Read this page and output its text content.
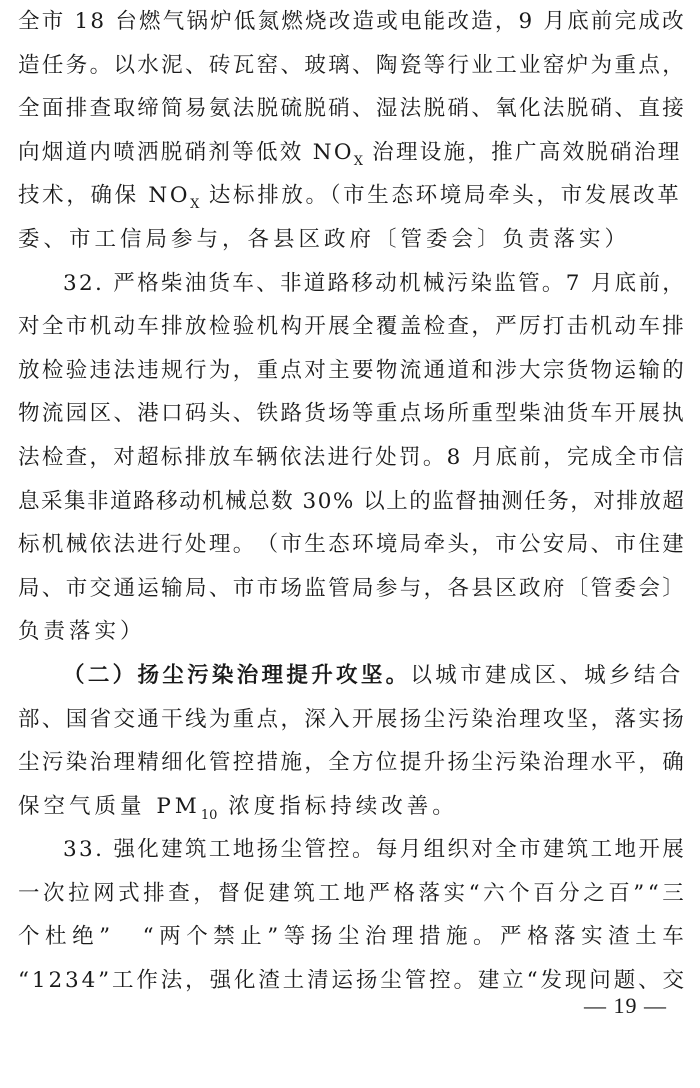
全 市
1 8
台 燃 气 锅 炉 低 氮 燃 烧 改 造 或 电 能 改 造 ， 9
月 底 前 完 成 改
造 任 务 。 以 水 泥 、 砖 瓦 窑 、 玻 璃 、 陶 瓷 等 行 业 工 业 窑 炉 为 重 点 ，
全 面 排 查 取 缔 简 易 氨 法 脱 硫 脱 硝 、 湿 法 脱 硝 、 氧 化 法 脱 硝 、 直 接
向烟道内喷洒脱硝剂等低效 $NO_X$ 治理设施，推广高效脱硝治理
技术，确保 $NO_X$ 达标排放。（市生态环境局牵头，市发展改革
委、市工信局参与，各县区政府〔管委会〕负责落实）
3 2 .
严 格 柴 油 货 车 、 非 道 路 移 动 机 械 污 染 监 管 。 7
月 底 前 ，
对 全 市 机 动 车 排 放 检 验 机 构 开 展 全 覆 盖 检 查 ， 严 厉 打 击 机 动 车 排
放 检 验 违 法 违 规 行 为 ， 重 点 对 主 要 物 流 通 道 和 涉 大 宗 货 物 运 输 的
物 流 园 区 、 港 口 码 头 、 铁 路 货 场 等 重 点 场 所 重 型 柴 油 货 车 开 展 执
法 检 查 ， 对 超 标 排 放 车 辆 依 法 进 行 处 罚 。 8
月 底 前 ， 完 成 全 市 信
息 采 集 非 道 路 移 动 机 械 总 数
3 0 %
以 上 的 监 督 抽 测 任 务 ， 对 排 放 超
标 机 械 依 法 进 行 处 理 。 （ 市 生 态 环 境 局 牵 头 ， 市 公 安 局 、 市 住 建
局 、 市 交 通 运 输 局 、 市 市 场 监 管 局 参 与 ， 各 县 区 政 府 〔 管 委 会 〕
负责落实）
（二）扬尘污染治理提升攻坚。以城市建成区、城乡结合
部 、 国 省 交 通 干 线 为 重 点 ， 深 入 开 展 扬 尘 污 染 治 理 攻 坚 ， 落 实 扬
尘 污 染 治 理 精 细 化 管 控 措 施 ， 全 方 位 提 升 扬 尘 污 染 治 理 水 平 ， 确
保空气质量 $PM_{10}$ 浓度指标持续改善。
3 3 .
强 化 建 筑 工 地 扬 尘 管 控 。 每 月 组 织 对 全 市 建 筑 工 地 开 展
一 次 拉 网 式 排 查 ， 督 促 建 筑 工 地 严 格 落 实 “ 六 个 百 分 之 百 ” “ 三
个 杜 绝 ”
　 “ 两 个 禁 止 ” 等 扬 尘 治 理 措 施 。 严 格 落 实 渣 土 车
“ 1 2 3 4 ” 工 作 法 ， 强 化 渣 土 清 运 扬 尘 管 控 。 建 立 “ 发 现 问 题 、 交
— 19 —
